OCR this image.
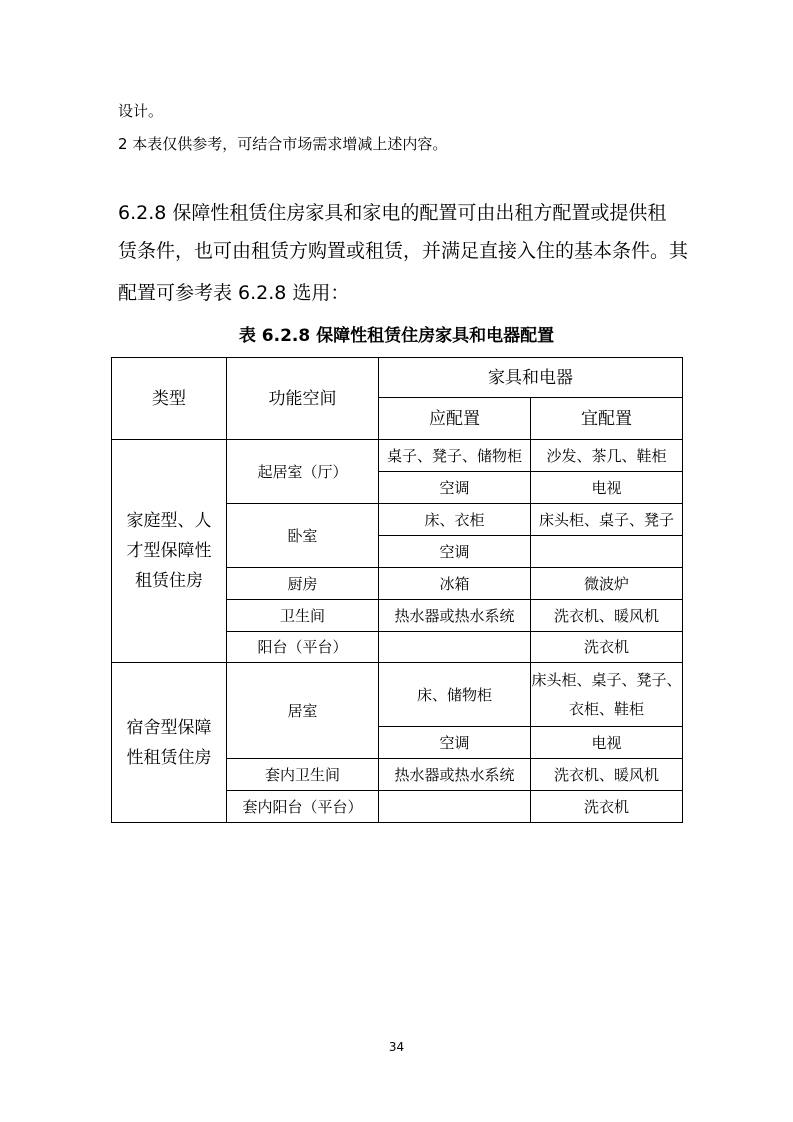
设计。
2 本表仅供参考，可结合市场需求增减上述内容。
6.2.8 保障性租赁住房家具和家电的配置可由出租方配置或提供租
赁条件，也可由租赁方购置或租赁，并满足直接入住的基本条件。其
配置可参考表 6.2.8 选用：
表 6.2.8 保障性租赁住房家具和电器配置
类型	功能空间	家具和电器	
		应配置	宜配置

家庭型、人
才型保障性
租赁住房	起居室（厅）	桌子、凳子、储物柜	沙发、茶几、鞋柜
		空调	电视
	卧室	床、衣柜	床头柜、桌子、凳子
		空调	
	厨房	冰箱	微波炉
	卫生间	热水器或热水系统	洗衣机、暖风机
	阳台（平台）		洗衣机

宿舍型保障
性租赁住房	居室	床、储物柜	床头柜、桌子、凳子、
衣柜、鞋柜

		空调	电视
	套内卫生间	热水器或热水系统	洗衣机、暖风机
	套内阳台（平台）		洗衣机
34
